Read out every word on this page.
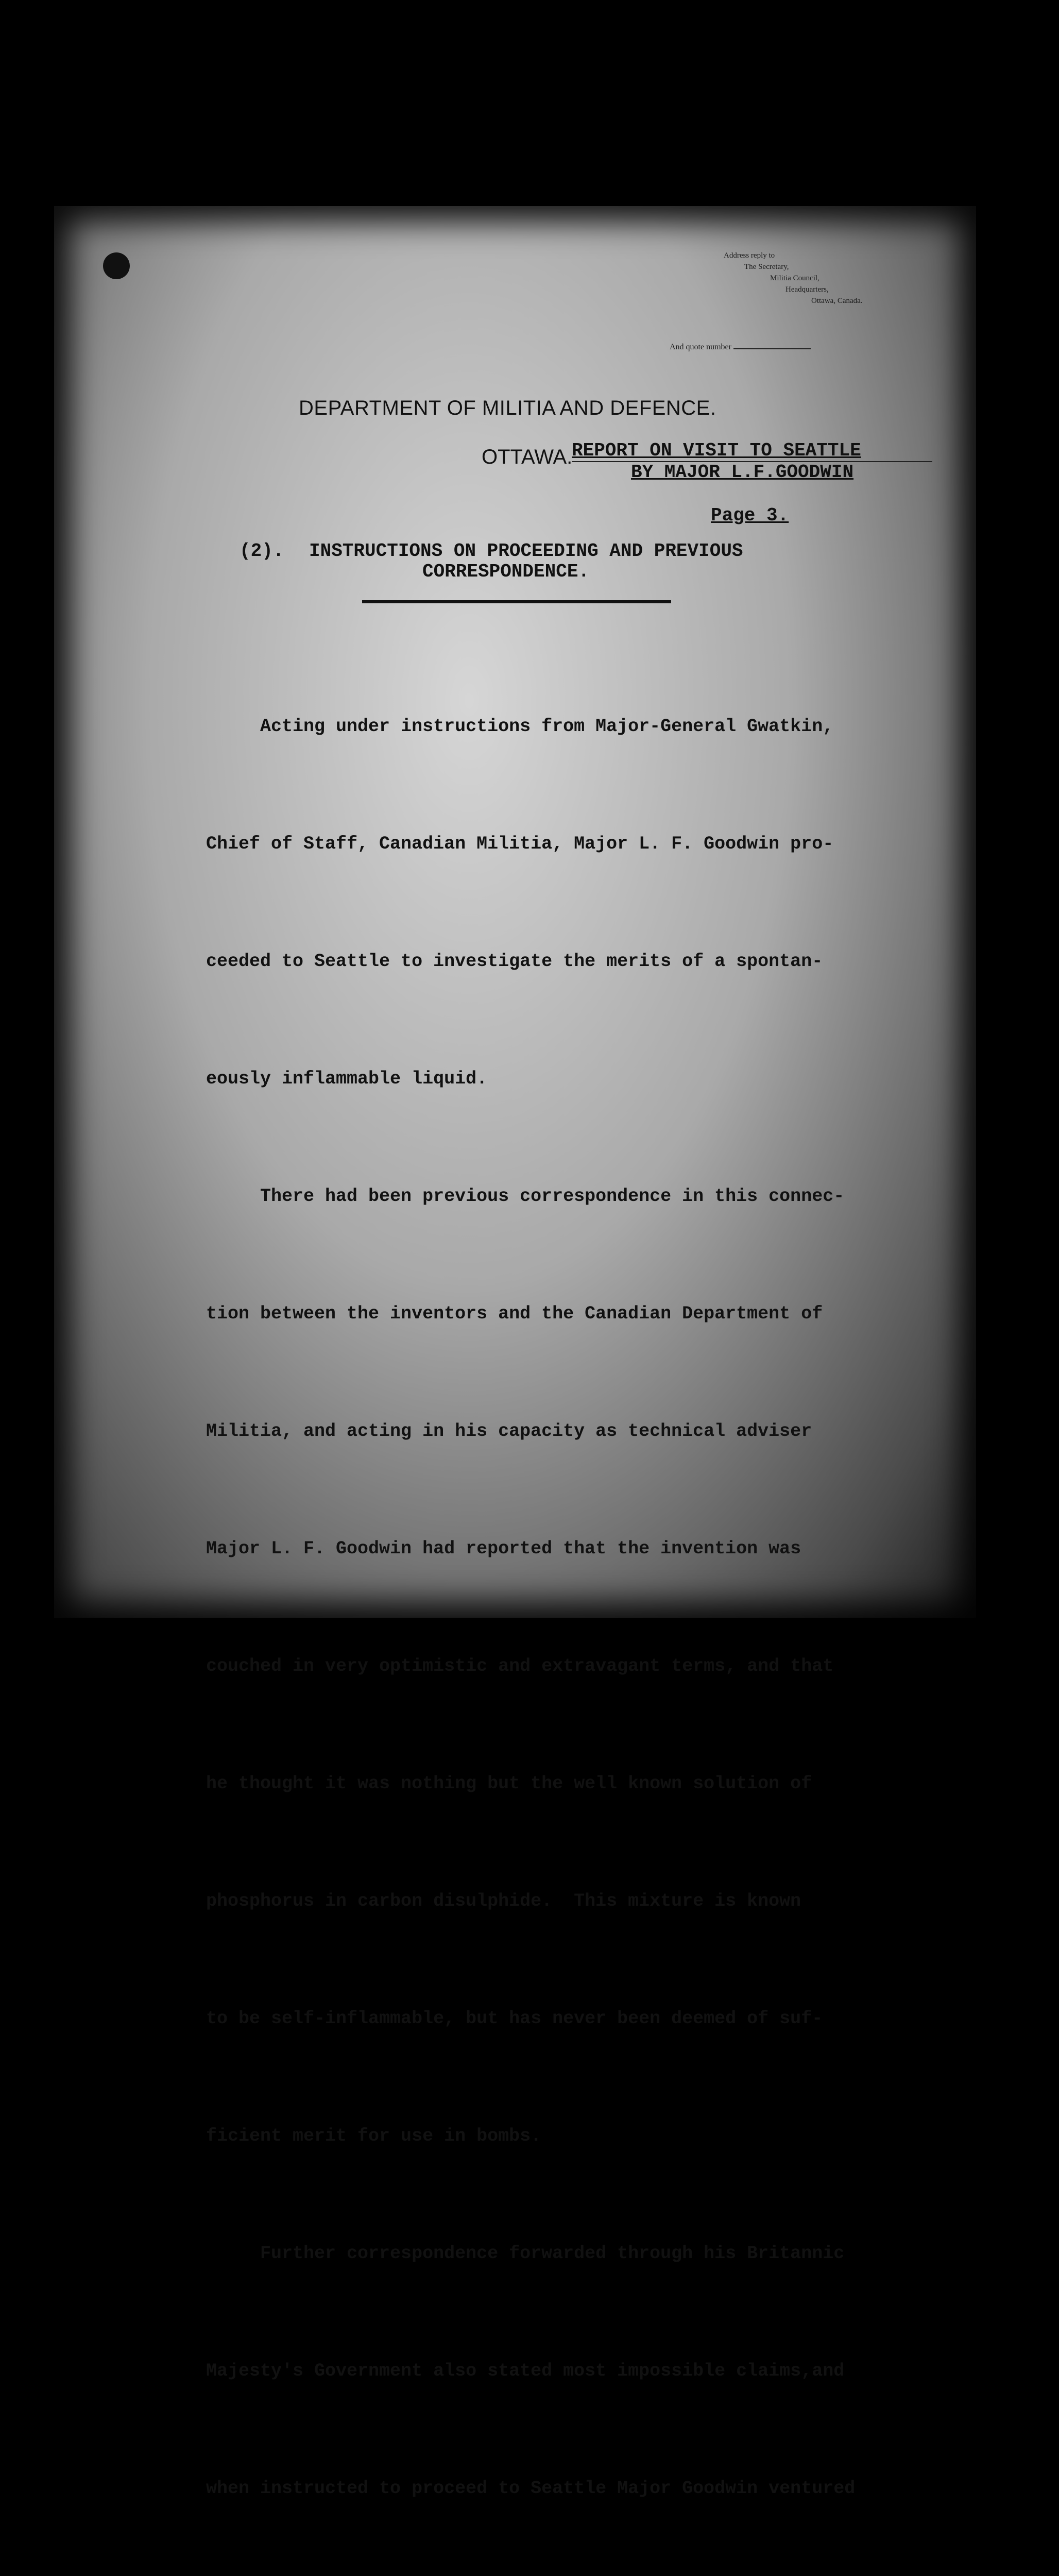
Address reply to
The Secretary,
Militia Council,
Headquarters,
Ottawa, Canada.
And quote number
DEPARTMENT OF MILITIA AND DEFENCE.
OTTAWA.
REPORT ON VISIT TO SEATTLE
BY MAJOR L.F.GOODWIN
Page 3.
(2). INSTRUCTIONS ON PROCEEDING AND PREVIOUS
CORRESPONDENCE.

Acting under instructions from Major-General Gwatkin,

Chief of Staff, Canadian Militia, Major L. F. Goodwin pro-

ceeded to Seattle to investigate the merits of a spontan-

eously inflammable liquid.

There had been previous correspondence in this connec-

tion between the inventors and the Canadian Department of

Militia, and acting in his capacity as technical adviser

Major L. F. Goodwin had reported that the invention was

couched in very optimistic and extravagant terms, and that

he thought it was nothing but the well known solution of

phosphorus in carbon disulphide.  This mixture is known

to be self-inflammable, but has never been deemed of suf-

ficient merit for use in bombs.

Further correspondence forwarded through his Britannic

Majesty's Government also stated most impossible claims,and

when instructed to proceed to Seattle Major Goodwin ventured
